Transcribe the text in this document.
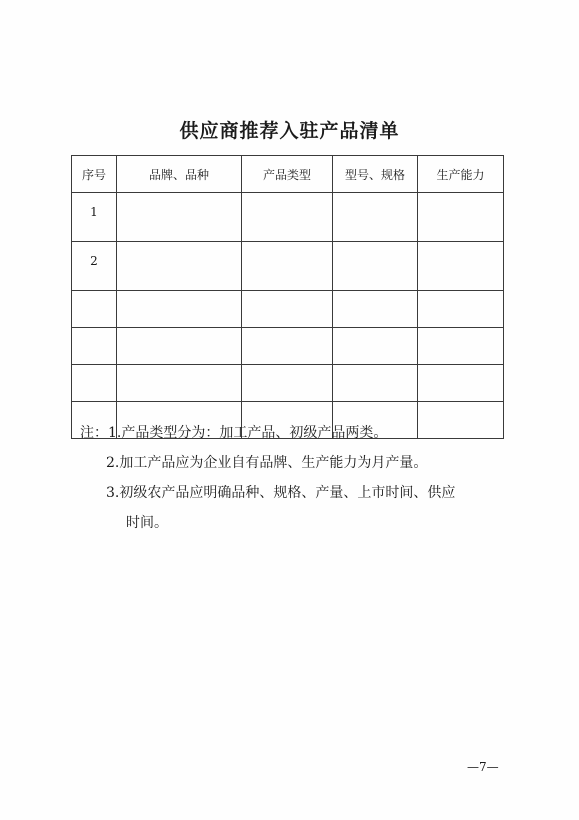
供应商推荐入驻产品清单
序号	品牌、品种	产品类型	型号、规格	生产能力
1				
2				

注：1.产品类型分为：加工产品、初级产品两类。
2.加工产品应为企业自有品牌、生产能力为月产量。
3.初级农产品应明确品种、规格、产量、上市时间、供应
时间。
—7—
